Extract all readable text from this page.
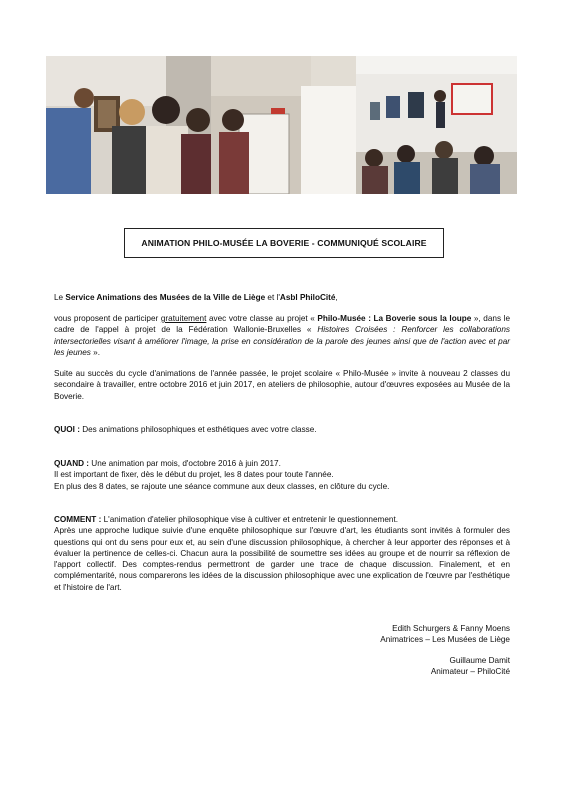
ANIMATION PHILO-MUSÉE LA BOVERIE - COMMUNIQUÉ SCOLAIRE
Le Service Animations des Musées de la Ville de Liège et l'Asbl PhiloCité,
vous proposent de participer gratuitement avec votre classe au projet « Philo-Musée : La Boverie sous la loupe », dans le cadre de l'appel à projet de la Fédération Wallonie-Bruxelles « Histoires Croisées : Renforcer les collaborations intersectorielles visant à améliorer l'image, la prise en considération de la parole des jeunes ainsi que de l'action avec et par les jeunes ».
Suite au succès du cycle d'animations de l'année passée, le projet scolaire « Philo-Musée » invite à nouveau 2 classes du secondaire à travailler, entre octobre 2016 et juin 2017, en ateliers de philosophie, autour d'œuvres exposées au Musée de la Boverie.
QUOI : Des animations philosophiques et esthétiques avec votre classe.
QUAND : Une animation par mois, d'octobre 2016 à juin 2017.
Il est important de fixer, dès le début du projet, les 8 dates pour toute l'année.
En plus des 8 dates, se rajoute une séance commune aux deux classes, en clôture du cycle.
COMMENT : L'animation d'atelier philosophique vise à cultiver et entretenir le questionnement.
Après une approche ludique suivie d'une enquête philosophique sur l'œuvre d'art, les étudiants sont invités à formuler des questions qui ont du sens pour eux et, au sein d'une discussion philosophique, à chercher à leur apporter des réponses et à évaluer la pertinence de celles-ci. Chacun aura la possibilité de soumettre ses idées au groupe et de nourrir sa réflexion de l'apport collectif. Des comptes-rendus permettront de garder une trace de chaque discussion. Finalement, et en complémentarité, nous comparerons les idées de la discussion philosophique avec une explication de l'œuvre par l'esthétique et l'histoire de l'art.
Edith Schurgers & Fanny Moens
Animatrices – Les Musées de Liège
Guillaume Damit
Animateur – PhiloCité
